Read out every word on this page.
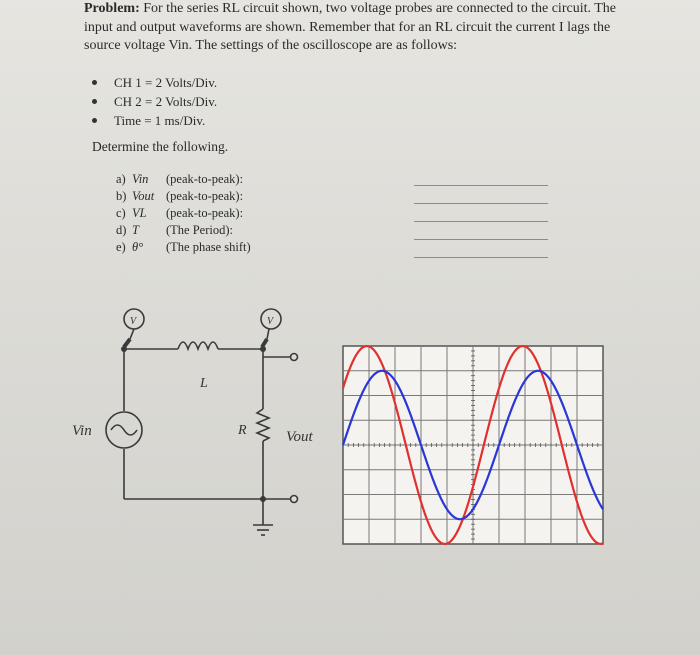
Problem: For the series RL circuit shown, two voltage probes are connected to the circuit. The input and output waveforms are shown. Remember that for an RL circuit the current I lags the source voltage Vin. The settings of the oscilloscope are as follows:
CH 1 = 2 Volts/Div.
CH 2 = 2 Volts/Div.
Time = 1 ms/Div.
Determine the following.
a) Vin	(peak-to-peak):
b) Vout (peak-to-peak):
c) VL	(peak-to-peak):
d) T	(The Period):
e) θ°	(The phase shift)
V	V
L
R
Vin	Vout
